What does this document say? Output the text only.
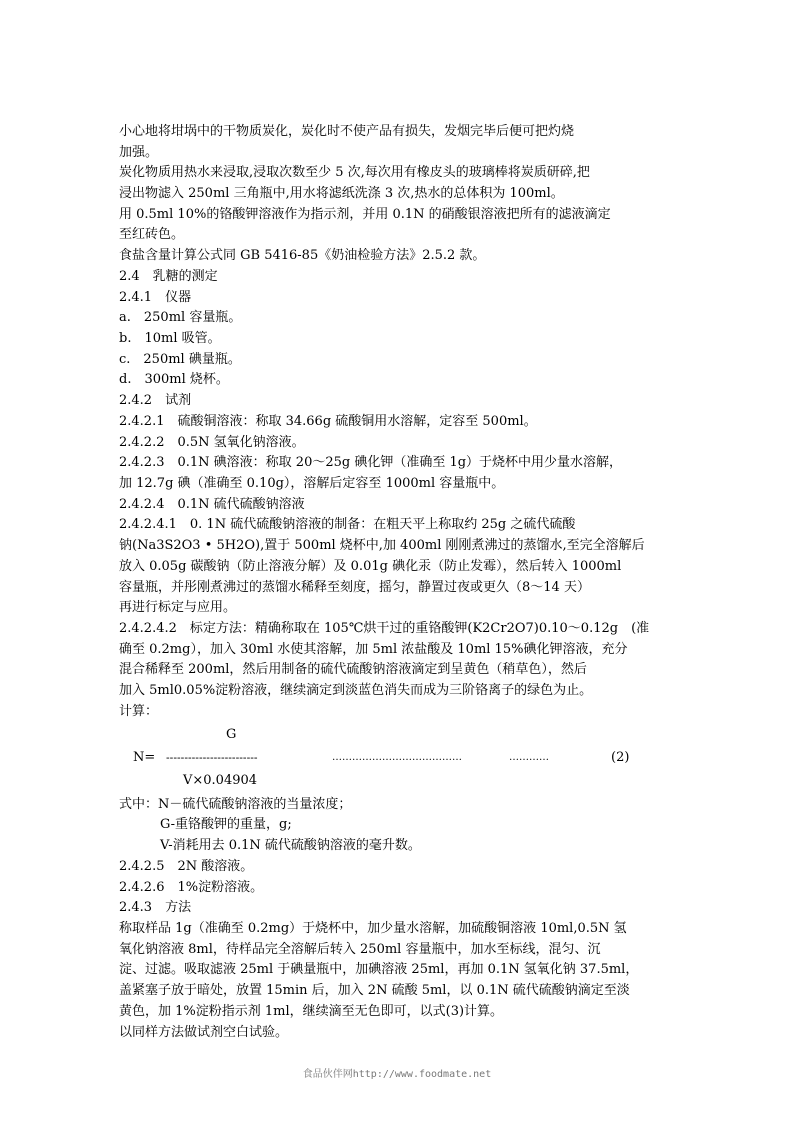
小心地将坩埚中的干物质炭化，炭化时不使产品有损失，发烟完毕后便可把灼烧
加强。
炭化物质用热水来浸取,浸取次数至少 5 次,每次用有橡皮头的玻璃棒将炭质研碎,把
浸出物滤入 250ml 三角瓶中,用水将滤纸洗涤 3 次,热水的总体积为 100ml。
用 0.5ml 10%的铬酸钾溶液作为指示剂，并用 0.1N 的硝酸银溶液把所有的滤液滴定
至红砖色。
食盐含量计算公式同 GB 5416-85《奶油检验方法》2.5.2 款。
2.4　乳糖的测定
2.4.1　仪器
a.　250ml 容量瓶。
b.　10ml 吸管。
c.　250ml 碘量瓶。
d.　300ml 烧杯。
2.4.2　试剂
2.4.2.1　硫酸铜溶液：称取 34.66g 硫酸铜用水溶解，定容至 500ml。
2.4.2.2　0.5N 氢氧化钠溶液。
2.4.2.3　0.1N 碘溶液：称取 20～25g 碘化钾（准确至 1g）于烧杯中用少量水溶解，
加 12.7g 碘（准确至 0.10g），溶解后定容至 1000ml 容量瓶中。
2.4.2.4　0.1N 硫代硫酸钠溶液
2.4.2.4.1　0. 1N 硫代硫酸钠溶液的制备：在粗天平上称取约 25g 之硫代硫酸
钠(Na3S2O3 • 5H2O),置于 500ml 烧杯中,加 400ml 刚刚煮沸过的蒸馏水,至完全溶解后
放入 0.05g 碳酸钠（防止溶液分解）及 0.01g 碘化汞（防止发霉），然后转入 1000ml
容量瓶，并彤刚煮沸过的蒸馏水稀释至刻度，摇匀，静置过夜或更久（8～14 天）
再进行标定与应用。
2.4.2.4.2　标定方法：精确称取在 105℃烘干过的重铬酸钾(K2Cr2O7)0.10～0.12g　(准
确至 0.2mg），加入 30ml 水使其溶解，加 5ml 浓盐酸及 10ml 15%碘化钾溶液，充分
混合稀释至 200ml，然后用制备的硫代硫酸钠溶液滴定到呈黄色（稍草色），然后
加入 5ml0.05%淀粉溶液，继续滴定到淡蓝色消失而成为三阶铬离子的绿色为止。
计算：
G
N= -------------------------	…………………………………	…………	(2)
V×0.04904
式中：N－硫代硫酸钠溶液的当量浓度；
G-重铬酸钾的重量，g;
V-消耗用去 0.1N 硫代硫酸钠溶液的毫升数。
2.4.2.5　2N 酸溶液。
2.4.2.6　1%淀粉溶液。
2.4.3　方法
称取样品 1g（准确至 0.2mg）于烧杯中，加少量水溶解，加硫酸铜溶液 10ml,0.5N 氢
氧化钠溶液 8ml，待样品完全溶解后转入 250ml 容量瓶中，加水至标线，混匀、沉
淀、过滤。吸取滤液 25ml 于碘量瓶中，加碘溶液 25ml，再加 0.1N 氢氧化钠 37.5ml，
盖紧塞子放于暗处，放置 15min 后，加入 2N 硫酸 5ml，以 0.1N 硫代硫酸钠滴定至淡
黄色，加 1%淀粉指示剂 1ml，继续滴至无色即可，以式(3)计算。
以同样方法做试剂空白试验。
食品伙伴网http://www.foodmate.net
